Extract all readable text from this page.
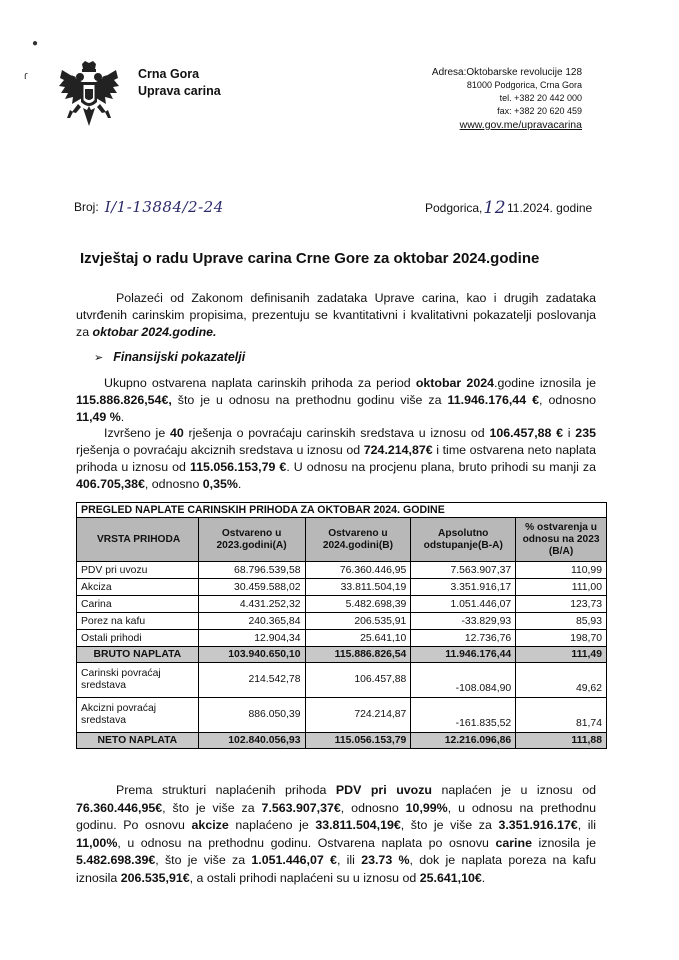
●
ɾ	Crna Gora
Uprava carina
Adresa:Oktobarske revolucije 128
81000 Podgorica, Crna Gora
tel. +382 20 442 000
fax: +382 20 620 459
www.gov.me/upravacarina
Broj: I/1-13884/2-24	Podgorica, 12 11.2024. godine
Izvještaj o radu Uprave carina Crne Gore za oktobar 2024.godine
Polazeći od Zakonom definisanih zadataka Uprave carina, kao i drugih zadataka utvrđenih carinskim propisima, prezentuju se kvantitativni i kvalitativni pokazatelji poslovanja za oktobar 2024.godine.
➢ Finansijski pokazatelji
Ukupno ostvarena naplata carinskih prihoda za period oktobar 2024.godine iznosila je 115.886.826,54€, što je u odnosu na prethodnu godinu više za 11.946.176,44 €, odnosno 11,49 %.
Izvršeno je 40 rješenja o povraćaju carinskih sredstava u iznosu od 106.457,88 € i 235 rješenja o povraćaju akciznih sredstava u iznosu od 724.214,87€ i time ostvarena neto naplata prihoda u iznosu od 115.056.153,79 €. U odnosu na procjenu plana, bruto prihodi su manji za 406.705,38€, odnosno 0,35%.
PREGLED NAPLATE CARINSKIH PRIHODA ZA OKTOBAR 2024. GODINE				
VRSTA PRIHODA	Ostvareno u 2023.godini(A)	Ostvareno u 2024.godini(B)	Apsolutno odstupanje(B-A)	% ostvarenja u odnosu na 2023 (B/A)
PDV pri uvozu	68.796.539,58	76.360.446,95	7.563.907,37	110,99
Akciza	30.459.588,02	33.811.504,19	3.351.916,17	111,00
Carina	4.431.252,32	5.482.698,39	1.051.446,07	123,73
Porez na kafu	240.365,84	206.535,91	-33.829,93	85,93
Ostali prihodi	12.904,34	25.641,10	12.736,76	198,70
BRUTO NAPLATA	103.940.650,10	115.886.826,54	11.946.176,44	111,49
Carinski povraćaj sredstava	214.542,78	106.457,88	-108.084,90	49,62
Akcizni povraćaj sredstava	886.050,39	724.214,87	-161.835,52	81,74
NETO NAPLATA	102.840.056,93	115.056.153,79	12.216.096,86	111,88
Prema strukturi naplaćenih prihoda PDV pri uvozu naplaćen je u iznosu od 76.360.446,95€, što je više za 7.563.907,37€, odnosno 10,99%, u odnosu na prethodnu godinu. Po osnovu akcize naplaćeno je 33.811.504,19€, što je više za 3.351.916.17€, ili 11,00%, u odnosu na prethodnu godinu. Ostvarena naplata po osnovu carine iznosila je 5.482.698.39€, što je više za 1.051.446,07 €, ili 23.73 %, dok je naplata poreza na kafu iznosila 206.535,91€, a ostali prihodi naplaćeni su u iznosu od 25.641,10€.
